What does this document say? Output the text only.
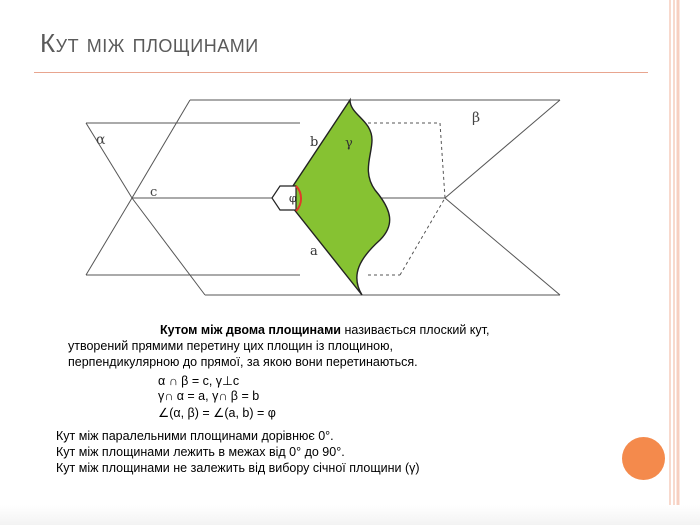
Кут між площинами
α
β
γ
c
b
a
φ
Кутом між двома площинами називається плоский кут,
утворений прямими перетину цих площин із площиною,
перпендикулярною до прямої, за якою вони перетинаються.
α ∩ β = c, γ⊥c
γ∩ α = a, γ∩ β = b
∠(α, β) = ∠(a, b) = φ
Кут між паралельними площинами дорівнює 0°.
Кут між площинами лежить в межах від 0° до 90°.
Кут між площинами не залежить від вибору січної площини (γ)
